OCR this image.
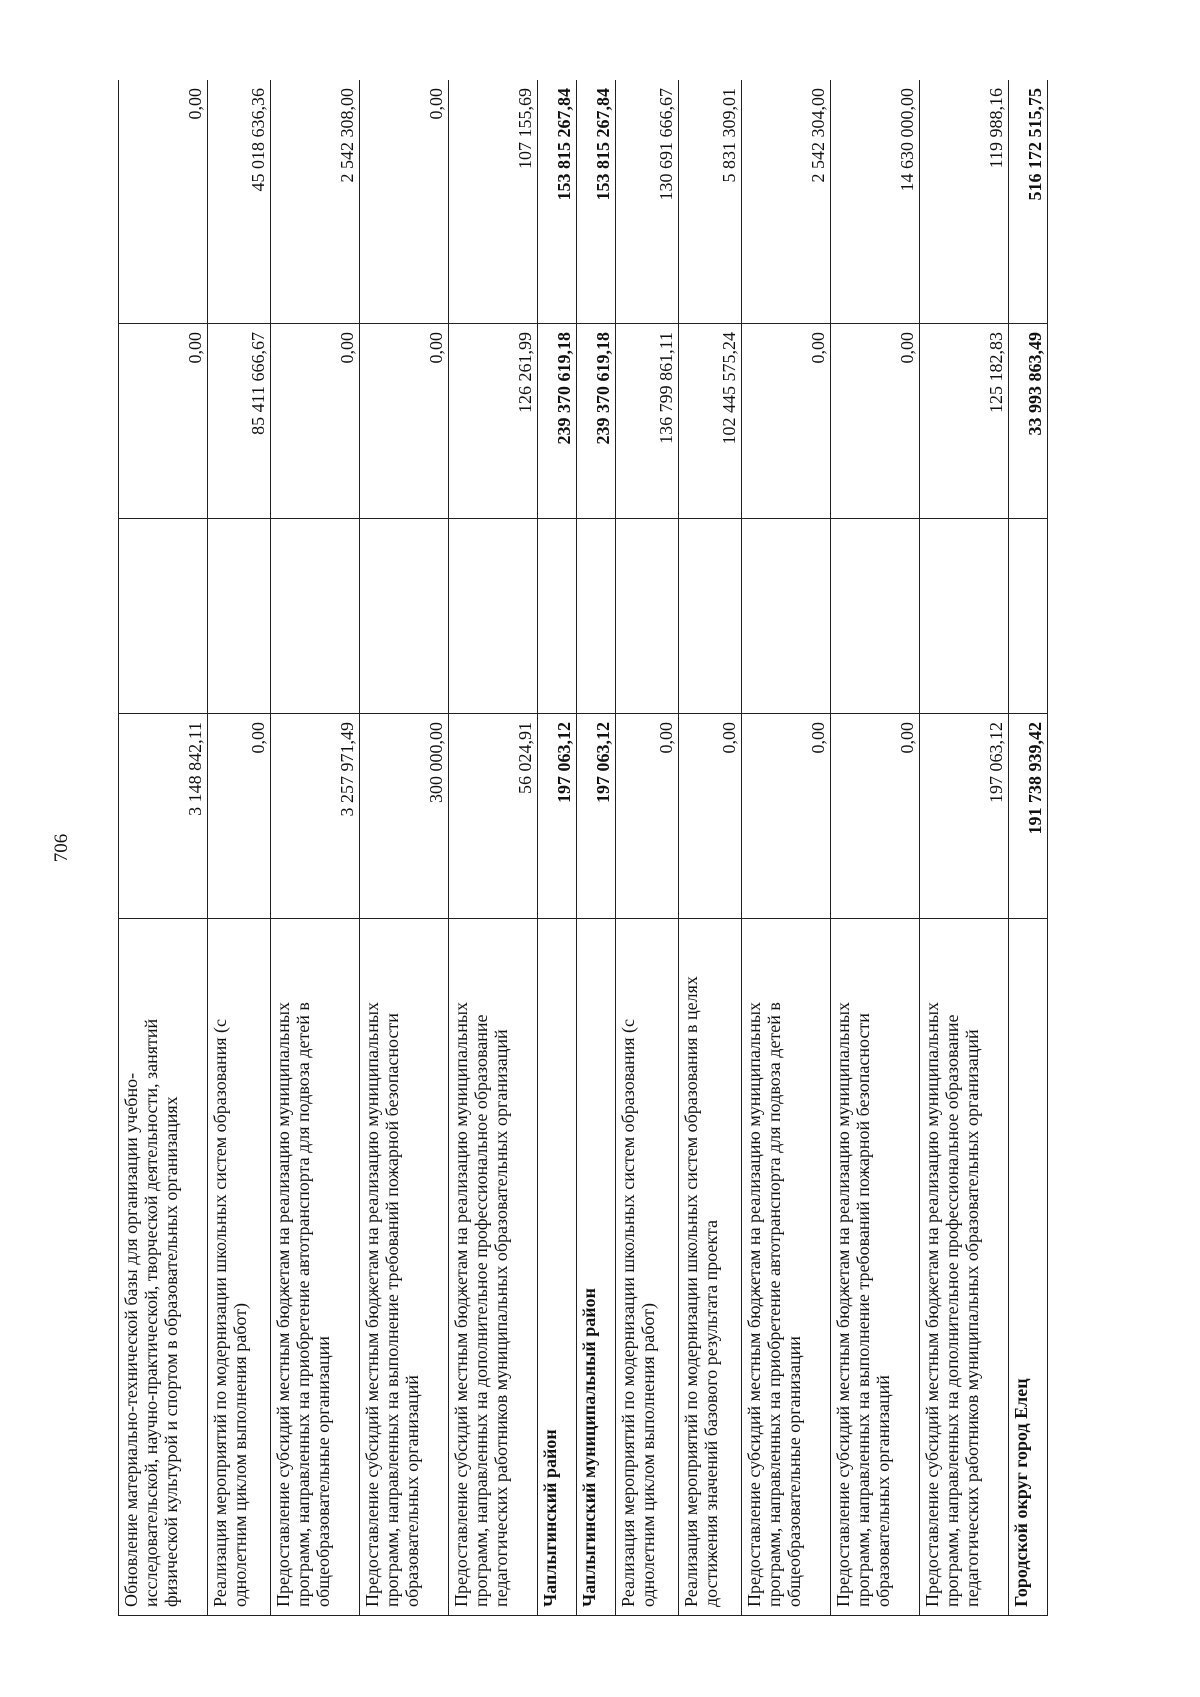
706
Обновление материально-технической базы для организации учебно-исследовательской, научно-практической, творческой деятельности, занятий физической культурой и спортом в образовательных организациях	3 148 842,11		0,00	0,00
Реализация мероприятий по модернизации школьных систем образования (с однолетним циклом выполнения работ)	0,00		85 411 666,67	45 018 636,36
Предоставление субсидий местным бюджетам на реализацию муниципальных программ, направленных на приобретение автотранспорта для подвоза детей в общеобразовательные организации	3 257 971,49		0,00	2 542 308,00
Предоставление субсидий местным бюджетам на реализацию муниципальных программ, направленных на выполнение требований пожарной безопасности образовательных организаций	300 000,00		0,00	0,00
Предоставление субсидий местным бюджетам на реализацию муниципальных программ, направленных на дополнительное профессиональное образование педагогических работников муниципальных образовательных организаций	56 024,91		126 261,99	107 155,69
Чаплыгинский район	197 063,12		239 370 619,18	153 815 267,84
Чаплыгинский муниципальный район	197 063,12		239 370 619,18	153 815 267,84
Реализация мероприятий по модернизации школьных систем образования (с однолетним циклом выполнения работ)	0,00		136 799 861,11	130 691 666,67
Реализация мероприятий по модернизации школьных систем образования в целях достижения значений базового результата проекта	0,00		102 445 575,24	5 831 309,01
Предоставление субсидий местным бюджетам на реализацию муниципальных программ, направленных на приобретение автотранспорта для подвоза детей в общеобразовательные организации	0,00		0,00	2 542 304,00
Предоставление субсидий местным бюджетам на реализацию муниципальных программ, направленных на выполнение требований пожарной безопасности образовательных организаций	0,00		0,00	14 630 000,00
Предоставление субсидий местным бюджетам на реализацию муниципальных программ, направленных на дополнительное профессиональное образование педагогических работников муниципальных образовательных организаций	197 063,12		125 182,83	119 988,16
Городской округ город Елец	191 738 939,42		33 993 863,49	516 172 515,75
